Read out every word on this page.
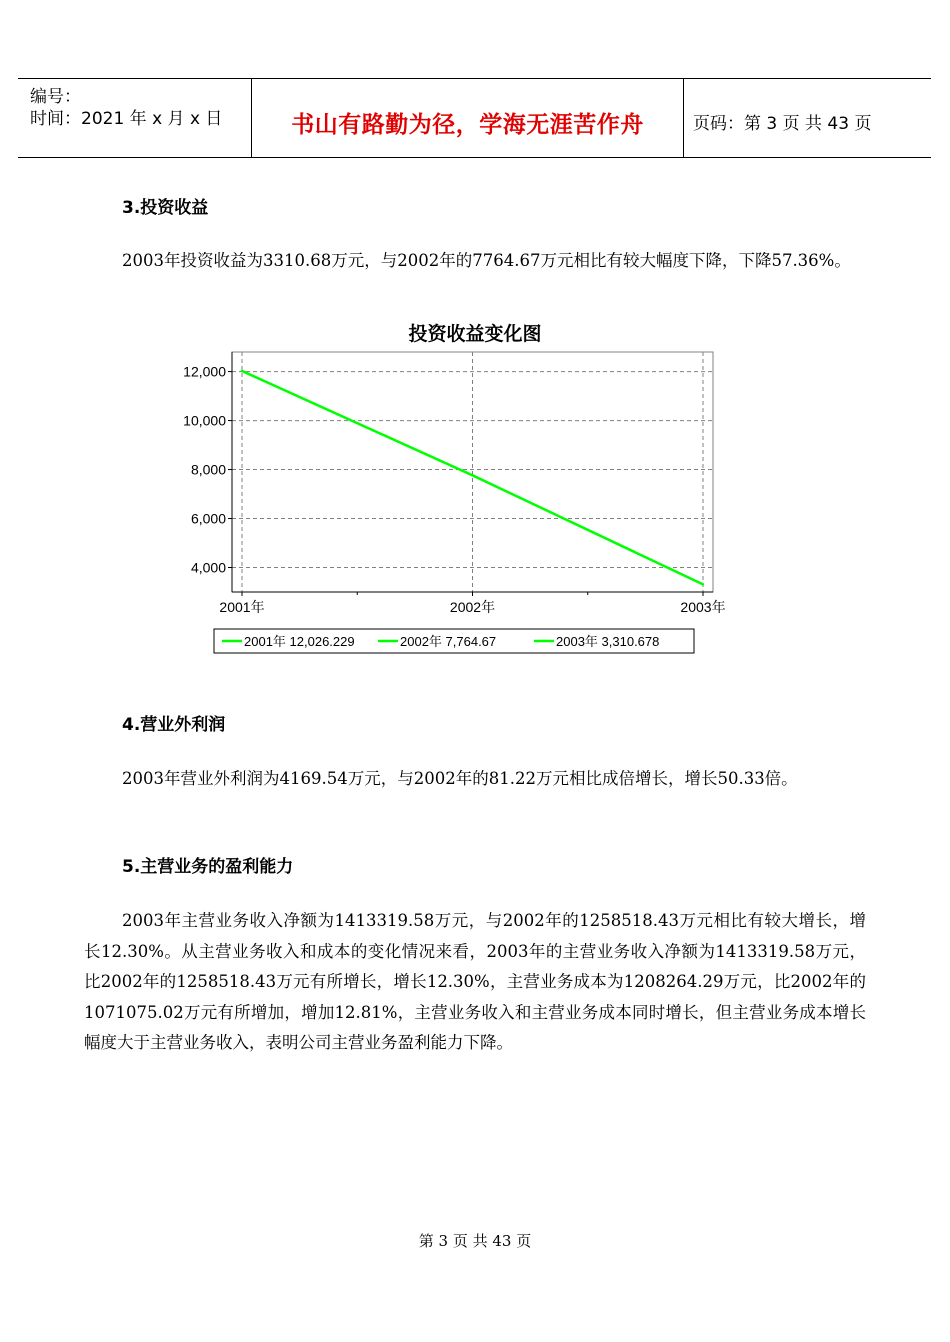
编号：
时间：2021 年 x 月 x 日	书山有路勤为径，学海无涯苦作舟	页码：第 3 页 共 43 页
3.投资收益
2003年投资收益为3310.68万元，与2002年的7764.67万元相比有较大幅度下降，下降57.36%。
投资收益变化图
12,000
10,000
8,000
6,000
4,000
2001年	2002年	2003年
2001年 12,026.229	2002年 7,764.67	2003年 3,310.678
4.营业外利润
2003年营业外利润为4169.54万元，与2002年的81.22万元相比成倍增长，增长50.33倍。
5.主营业务的盈利能力
2003年主营业务收入净额为1413319.58万元，与2002年的1258518.43万元相比有较大增长，增长12.30%。从主营业务收入和成本的变化情况来看，2003年的主营业务收入净额为1413319.58万元，比2002年的1258518.43万元有所增长，增长12.30%，主营业务成本为1208264.29万元，比2002年的1071075.02万元有所增加，增加12.81%，主营业务收入和主营业务成本同时增长，但主营业务成本增长幅度大于主营业务收入，表明公司主营业务盈利能力下降。
第 3 页 共 43 页
